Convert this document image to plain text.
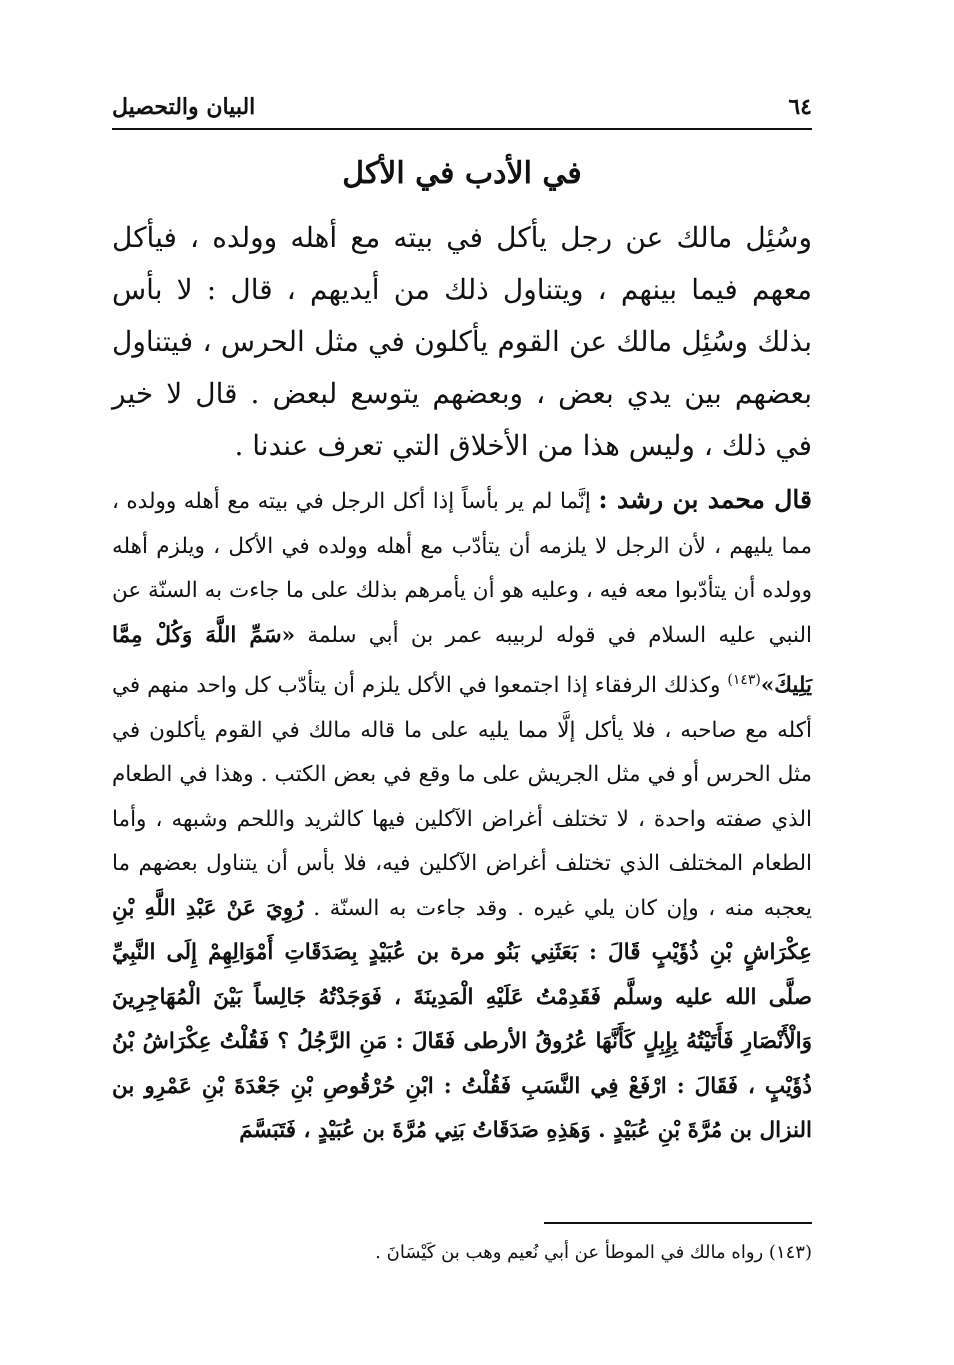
٦٤
البيان والتحصيل
في الأدب في الأكل

وسُئِل مالك عن رجل يأكل في بيته مع أهله وولده ، فيأكل معهم فيما بينهم ، ويتناول ذلك من أيديهم ، قال : لا بأس بذلك وسُئِل مالك عن القوم يأكلون في مثل الحرس ، فيتناول بعضهم بين يدي بعض ، وبعضهم يتوسع لبعض . قال لا خير في ذلك ، وليس هذا من الأخلاق التي تعرف عندنا .

قال محمد بن رشد : إنَّما لم ير بأساً إذا أكل الرجل في بيته مع أهله وولده ، مما يليهم ، لأن الرجل لا يلزمه أن يتأدّب مع أهله وولده في الأكل ، ويلزم أهله وولده أن يتأدّبوا معه فيه ، وعليه هو أن يأمرهم بذلك على ما جاءت به السنّة عن النبي عليه السلام في قوله لربيبه عمر بن أبي سلمة «سَمِّ اللَّهَ وَكُلْ مِمَّا يَلِيكَ»$^{(١٤٣)}$ وكذلك الرفقاء إذا اجتمعوا في الأكل يلزم أن يتأدّب كل واحد منهم في أكله مع صاحبه ، فلا يأكل إلَّا مما يليه على ما قاله مالك في القوم يأكلون في مثل الحرس أو في مثل الجريش على ما وقع في بعض الكتب . وهذا في الطعام الذي صفته واحدة ، لا تختلف أغراض الآكلين فيها كالثريد واللحم وشبهه ، وأما الطعام المختلف الذي تختلف أغراض الآكلين فيه، فلا بأس أن يتناول بعضهم ما يعجبه منه ، وإن كان يلي غيره . وقد جاءت به السنّة . رُوِيَ عَنْ عَبْدِ اللَّهِ بْنِ عِكْرَاشٍ بْنِ ذُؤَيْبٍ قَالَ : بَعَثَنِي بَنُو مرة بن عُبَيْدٍ بِصَدَقَاتِ أَمْوَالِهِمْ إِلَى النَّبِيِّ صلَّى الله عليه وسلَّم فَقَدِمْتُ عَلَيْهِ الْمَدِينَةَ ، فَوَجَدْتُهُ جَالِساً بَيْنَ الْمُهَاجِرِينَ وَالْأَنْصَارِ فَأَتَيْتُهُ بِإِبِلٍ كَأَنَّهَا عُرُوقُ الأرطى فَقَالَ : مَنِ الرَّجُلُ ؟ فَقُلْتُ عِكْرَاشُ بْنُ ذُؤَيْبٍ ، فَقَالَ : ارْفَعْ فِي النَّسَبِ فَقُلْتُ : ابْنِ حُرْقُوصِ بْنِ جَعْدَةَ بْنِ عَمْرِو بن النزال بن مُرَّةَ بْنِ عُبَيْدٍ . وَهَذِهِ صَدَقَاتُ بَنِي مُرَّةَ بن عُبَيْدٍ ، فَتَبَسَّمَ

(١٤٣) رواه مالك في الموطأ عن أبي نُعيم وهب بن كَيْسَانَ .
